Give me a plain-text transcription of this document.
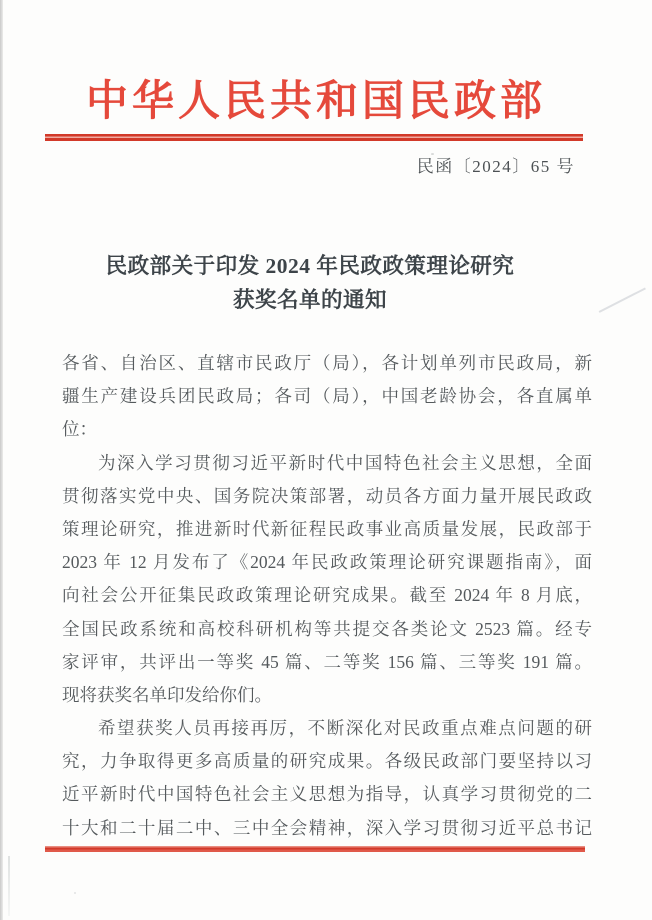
中华人民共和国民政部
民函〔2024〕65 号
民政部关于印发 2024 年民政政策理论研究
获奖名单的通知
各省、自治区、直辖市民政厅（局），各计划单列市民政局，新
疆生产建设兵团民政局；各司（局），中国老龄协会，各直属单
位：
为深入学习贯彻习近平新时代中国特色社会主义思想，全面
贯彻落实党中央、国务院决策部署，动员各方面力量开展民政政
策理论研究，推进新时代新征程民政事业高质量发展，民政部于
2023 年 12 月发布了《2024 年民政政策理论研究课题指南》，面
向社会公开征集民政政策理论研究成果。截至 2024 年 8 月底，
全国民政系统和高校科研机构等共提交各类论文 2523 篇。经专
家评审，共评出一等奖 45 篇、二等奖 156 篇、三等奖 191 篇。
现将获奖名单印发给你们。
希望获奖人员再接再厉，不断深化对民政重点难点问题的研
究，力争取得更多高质量的研究成果。各级民政部门要坚持以习
近平新时代中国特色社会主义思想为指导，认真学习贯彻党的二
十大和二十届二中、三中全会精神，深入学习贯彻习近平总书记
